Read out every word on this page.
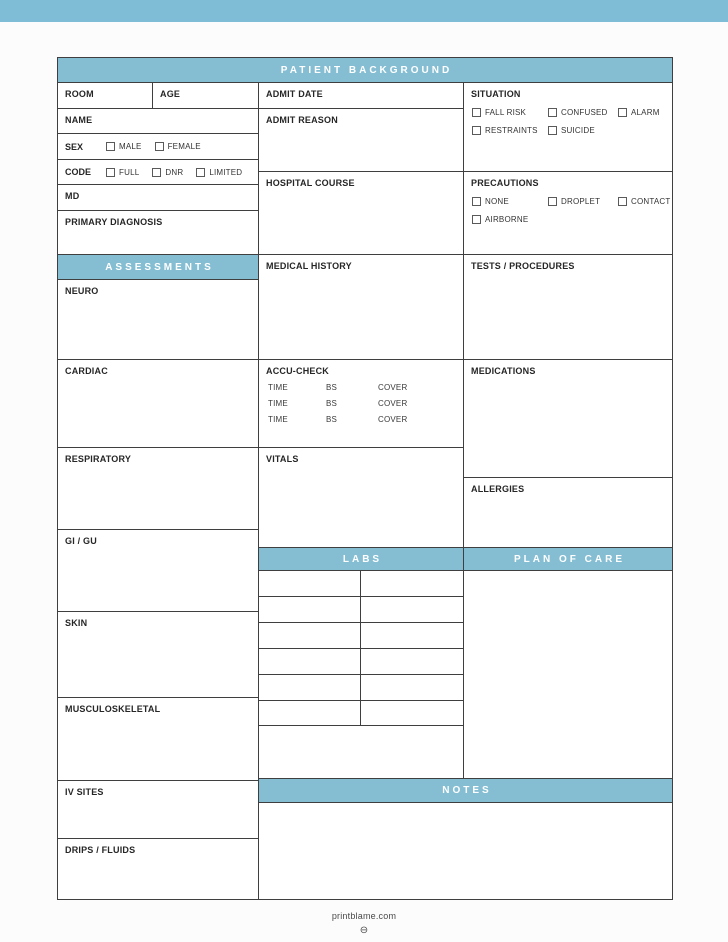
PATIENT BACKGROUND
ROOM	AGE
NAME
SEX	MALE	FEMALE
CODE	FULL	DNR	LIMITED
MD
PRIMARY DIAGNOSIS
ADMIT DATE
ADMIT REASON
HOSPITAL COURSE
SITUATION
FALL RISK	CONFUSED	ALARM
RESTRAINTS	SUICIDE
PRECAUTIONS
NONE	DROPLET	CONTACT
AIRBORNE
ASSESSMENTS
NEURO
CARDIAC
RESPIRATORY
GI / GU
SKIN
MUSCULOSKELETAL
IV SITES
DRIPS / FLUIDS
MEDICAL HISTORY
ACCU-CHECK
TIME	BS	COVER
TIME	BS	COVER
TIME	BS	COVER
VITALS
LABS
TESTS / PROCEDURES
MEDICATIONS
ALLERGIES
PLAN OF CARE
NOTES
printblame.com
⊖
